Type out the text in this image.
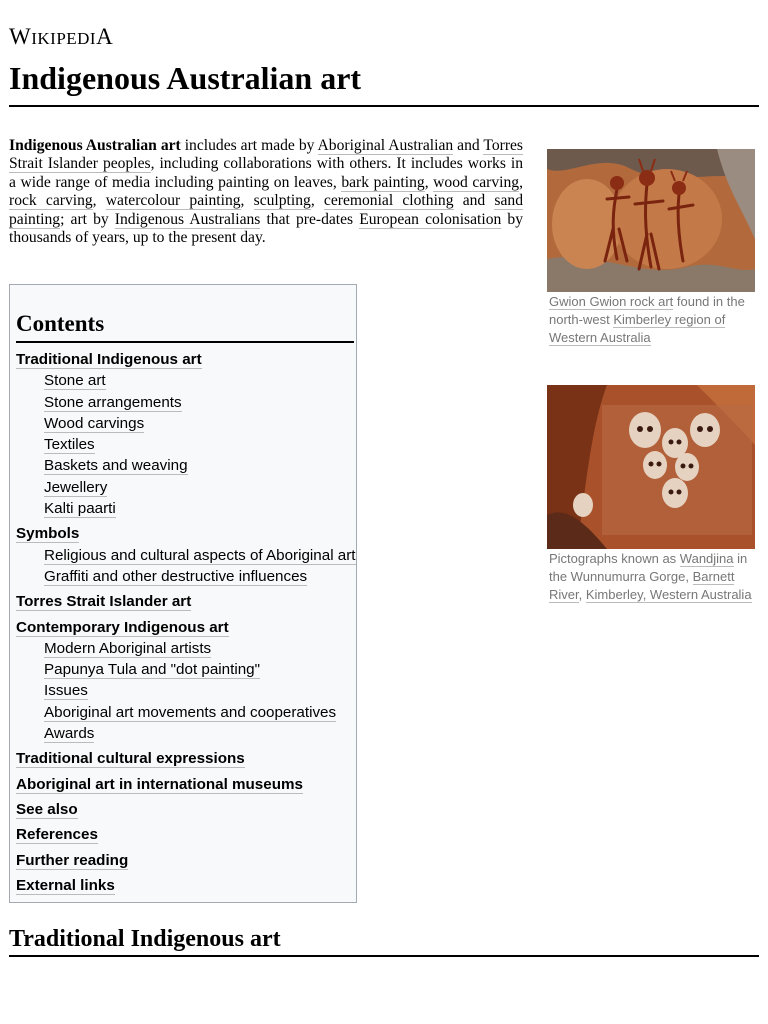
WIKIPEDIA
Indigenous Australian art

Indigenous Australian art includes art made by Aboriginal Australian and Torres Strait Islander peoples, including collaborations with others. It includes works in a wide range of media including painting on leaves, bark painting, wood carving, rock carving, watercolour painting, sculpting, ceremonial clothing and sand painting; art by Indigenous Australians that pre-dates European colonisation by thousands of years, up to the present day.

Contents
Traditional Indigenous art
Stone art
Stone arrangements
Wood carvings
Textiles
Baskets and weaving
Jewellery
Kalti paarti
Symbols
Religious and cultural aspects of Aboriginal art
Graffiti and other destructive influences
Torres Strait Islander art
Contemporary Indigenous art
Modern Aboriginal artists
Papunya Tula and "dot painting"
Issues
Aboriginal art movements and cooperatives
Awards
Traditional cultural expressions
Aboriginal art in international museums
See also
References
Further reading
External links
Gwion Gwion rock art found in the north-west Kimberley region of Western Australia
Pictographs known as Wandjina in the Wunnumurra Gorge, Barnett River, Kimberley, Western Australia
Traditional Indigenous art
